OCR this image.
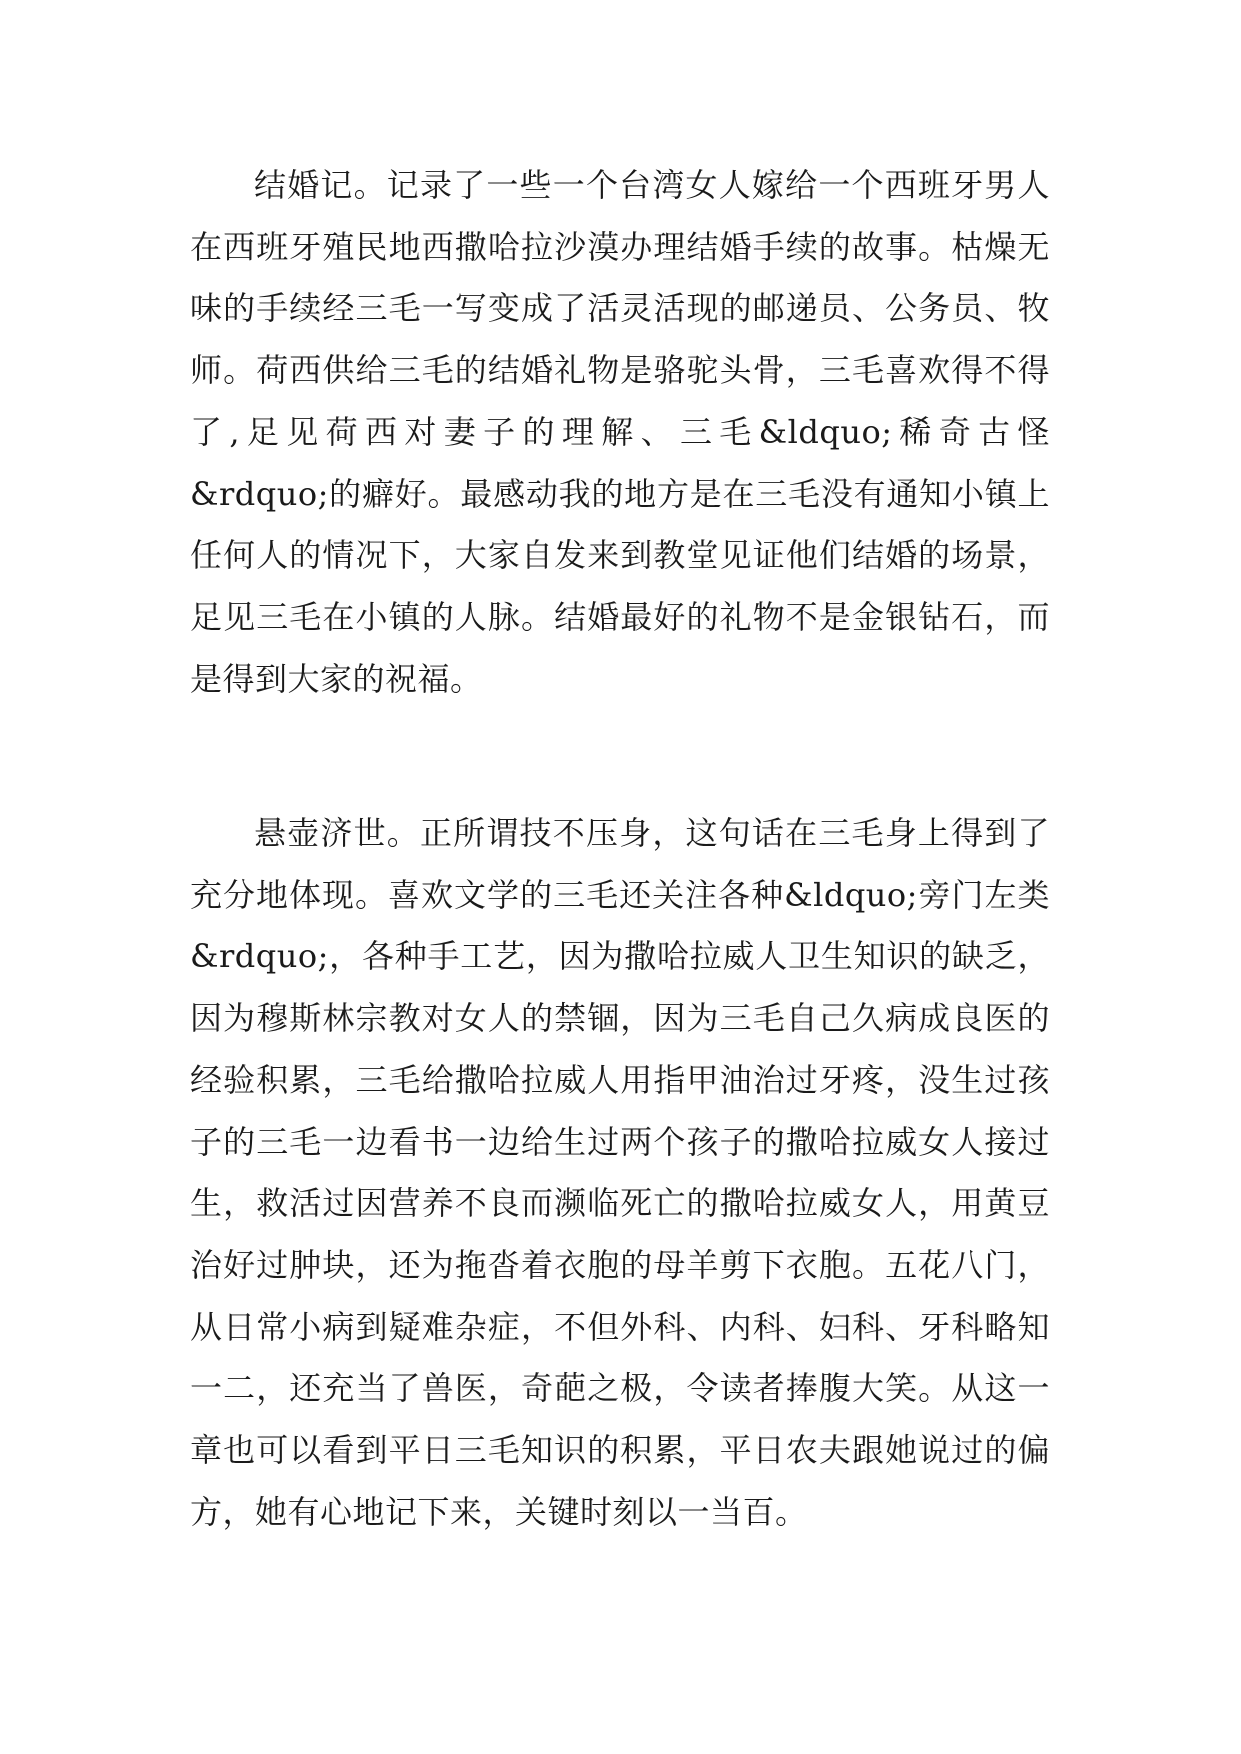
结婚记。记录了一些一个台湾女人嫁给一个西班牙男人在西班牙殖民地西撒哈拉沙漠办理结婚手续的故事。枯燥无味的手续经三毛一写变成了活灵活现的邮递员、公务员、牧师。荷西供给三毛的结婚礼物是骆驼头骨，三毛喜欢得不得了,足见荷西对妻子的理解、三毛&ldquo;稀奇古怪&rdquo;的癖好。最感动我的地方是在三毛没有通知小镇上任何人的情况下，大家自发来到教堂见证他们结婚的场景，足见三毛在小镇的人脉。结婚最好的礼物不是金银钻石，而是得到大家的祝福。

悬壶济世。正所谓技不压身，这句话在三毛身上得到了充分地体现。喜欢文学的三毛还关注各种&ldquo;旁门左类&rdquo;，各种手工艺，因为撒哈拉威人卫生知识的缺乏，因为穆斯林宗教对女人的禁锢，因为三毛自己久病成良医的经验积累，三毛给撒哈拉威人用指甲油治过牙疼，没生过孩子的三毛一边看书一边给生过两个孩子的撒哈拉威女人接过生，救活过因营养不良而濒临死亡的撒哈拉威女人，用黄豆治好过肿块，还为拖沓着衣胞的母羊剪下衣胞。五花八门，从日常小病到疑难杂症，不但外科、内科、妇科、牙科略知一二，还充当了兽医，奇葩之极，令读者捧腹大笑。从这一章也可以看到平日三毛知识的积累，平日农夫跟她说过的偏方，她有心地记下来，关键时刻以一当百。
